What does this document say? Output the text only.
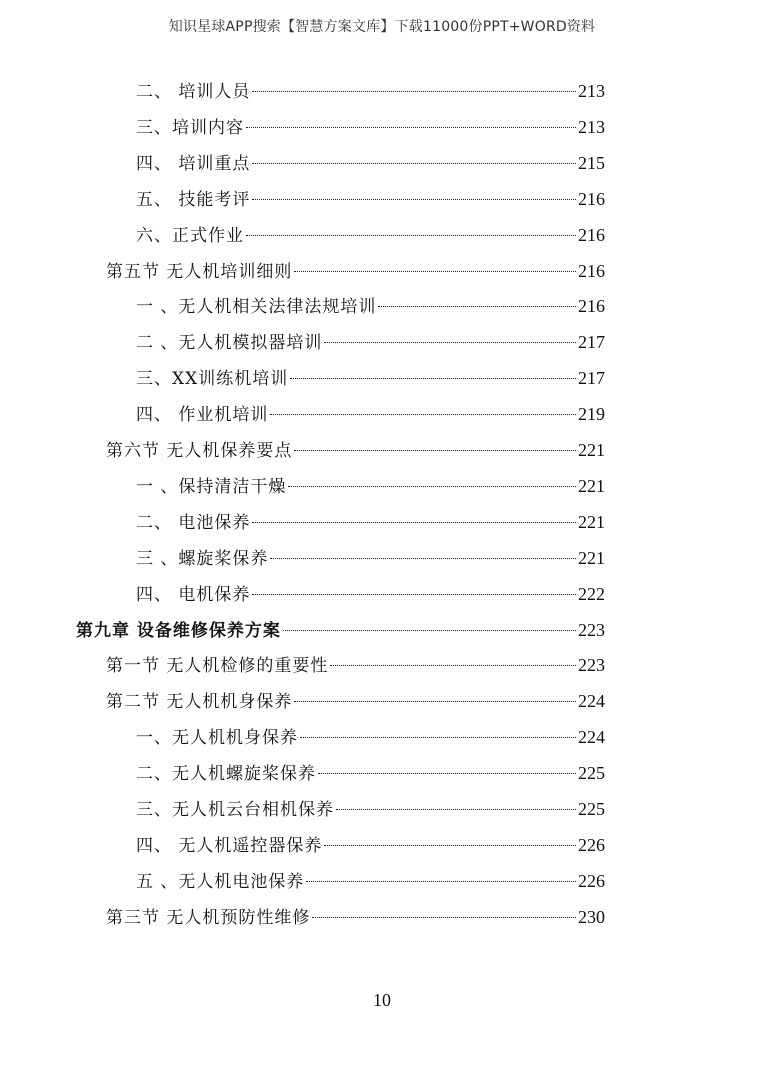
知识星球APP搜索【智慧方案文库】下载11000份PPT+WORD资料
二、 培训人员	213
三、培训内容	213
四、 培训重点	215
五、 技能考评	216
六、正式作业	216
第五节 无人机培训细则	216
一 、无人机相关法律法规培训	216
二 、无人机模拟器培训	217
三、XX训练机培训	217
四、 作业机培训	219
第六节 无人机保养要点	221
一 、保持清洁干燥	221
二、 电池保养	221
三 、螺旋桨保养	221
四、 电机保养	222
第九章 设备维修保养方案	223
第一节 无人机检修的重要性	223
第二节 无人机机身保养	224
一、无人机机身保养	224
二、无人机螺旋桨保养	225
三、无人机云台相机保养	225
四、 无人机遥控器保养	226
五 、无人机电池保养	226
第三节 无人机预防性维修	230
10
